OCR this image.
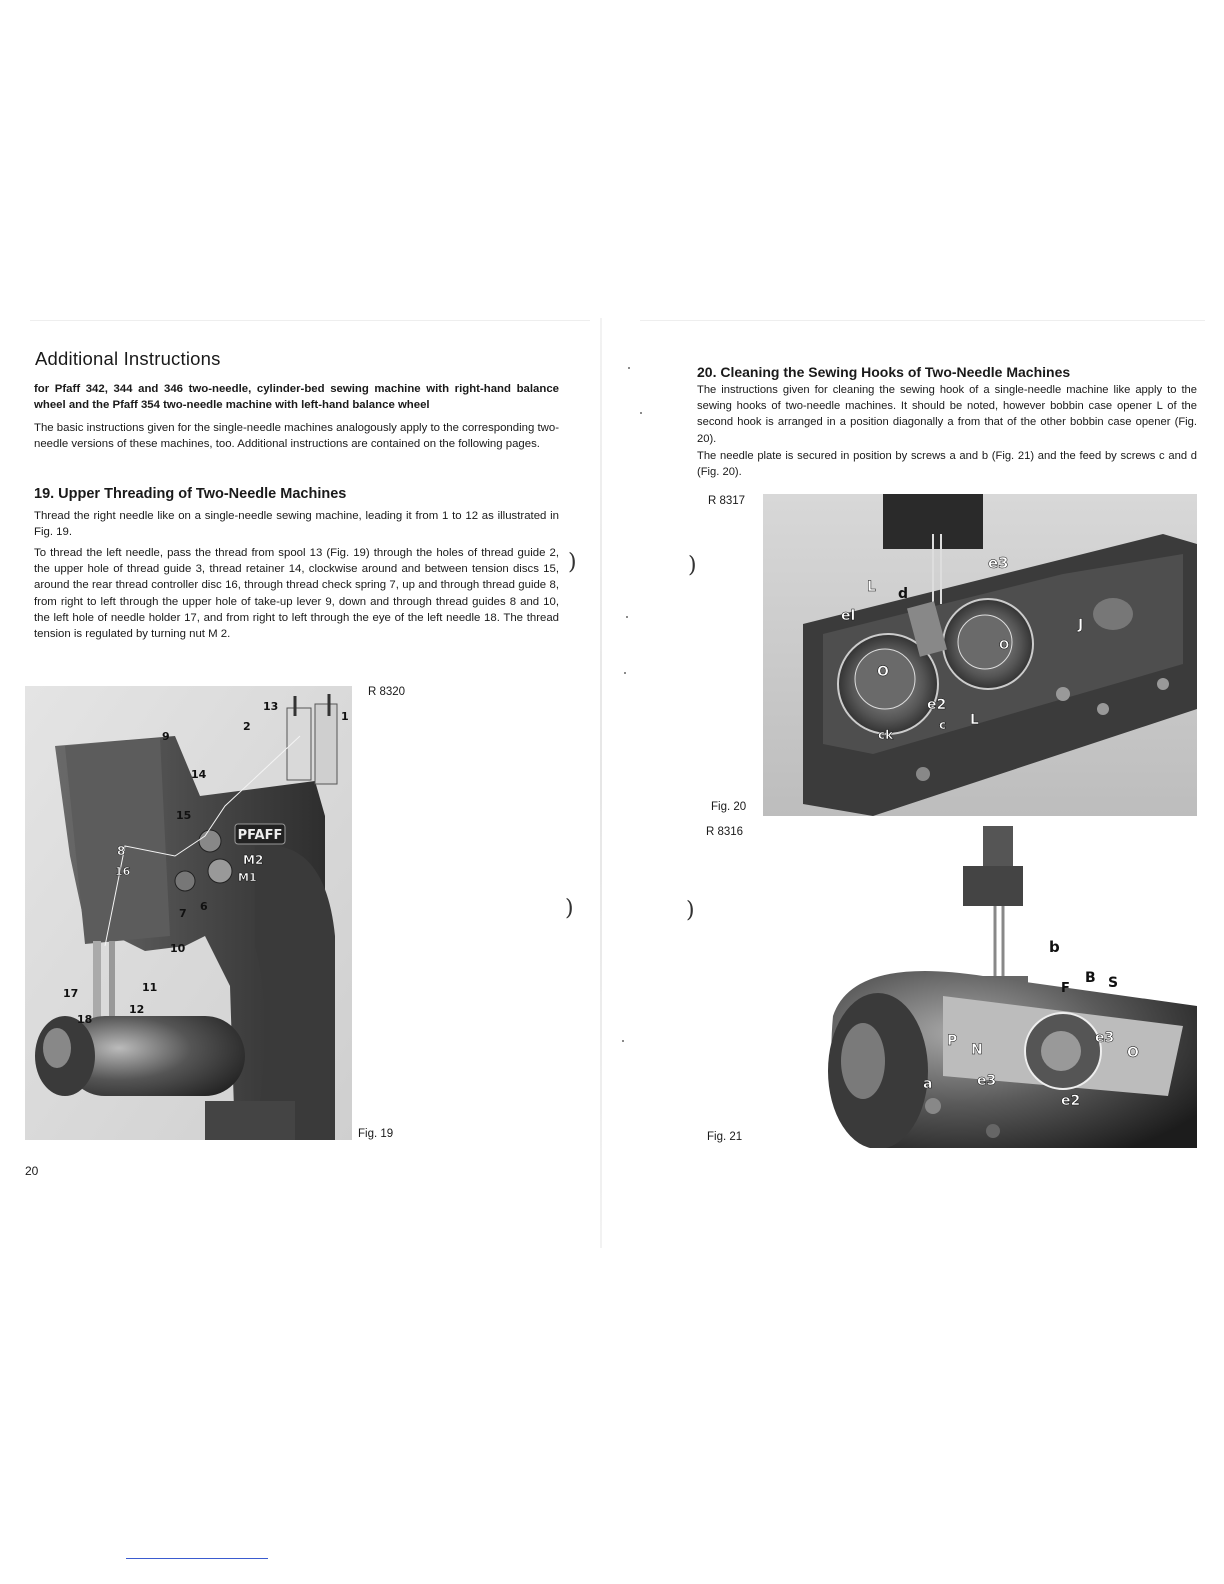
Additional Instructions

for Pfaff 342, 344 and 346 two-needle, cylinder-bed sewing machine with right-hand balance wheel and the Pfaff 354 two-needle machine with left-hand balance wheel

The basic instructions given for the single-needle machines analogously apply to the corresponding two-needle versions of these machines, too. Additional instructions are contained on the following pages.

19. Upper Threading of Two-Needle Machines

Thread the right needle like on a single-needle sewing machine, leading it from 1 to 12 as illustrated in Fig. 19.

To thread the left needle, pass the thread from spool 13 (Fig. 19) through the holes of thread guide 2, the upper hole of thread guide 3, thread retainer 14, clockwise around and between tension discs 15, around the rear thread controller disc 16, through thread check spring 7, up and through thread guide 8, from right to left through the upper hole of take-up lever 9, down and through thread guides 8 and 10, the left hole of needle holder 17, and from right to left through the eye of the left needle 18. The thread tension is regulated by turning nut M 2.

PFAFF
13
1
2
9
14
15
8
16
M2
M1
7
6
10
11
17
12
18
R 8320
Fig. 19
20
)
)
)
)
20. Cleaning the Sewing Hooks of Two-Needle Machines

The instructions given for cleaning the sewing hook of a single-needle machine like apply to the sewing hooks of two-needle machines. It should be noted, however bobbin case opener L of the second hook is arranged in a position diagonally a from that of the other bobbin case opener (Fig. 20).

The needle plate is secured in position by screws a and b (Fig. 21) and the feed by screws c and d (Fig. 20).

R 8317
e3
L d
el
J
O
e2
ck
c L
O
Fig. 20
R 8316
b
B S
F
P
N
e3
O
e3
e2
a
Fig. 21
